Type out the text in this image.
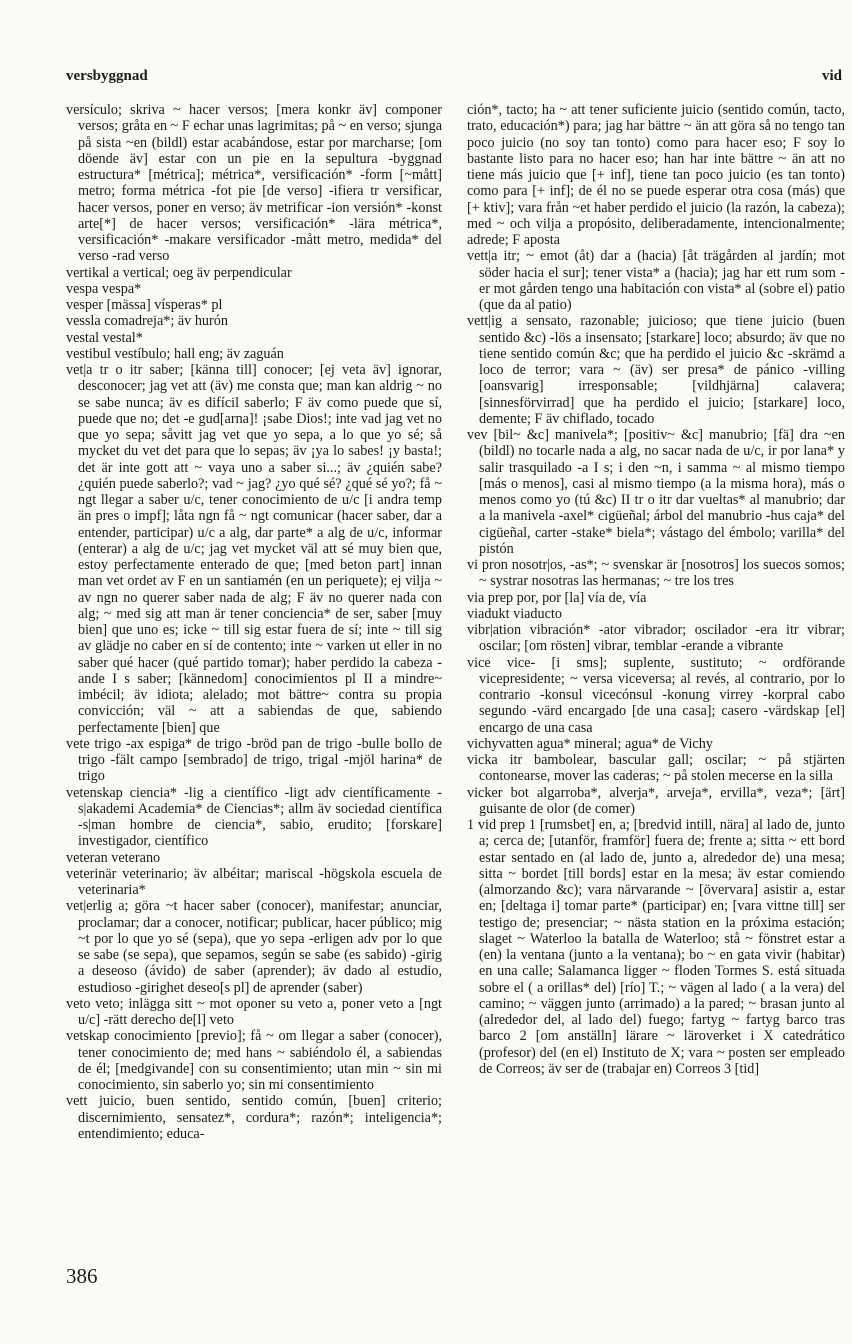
versbyggnad	vid

versículo; skriva ~ hacer versos; [mera konkr äv] componer versos; gråta en ~ F echar unas lagrimitas; på ~ en verso; sjunga på sista ~en (bildl) estar acabándose, estar por marcharse; [om döende äv] estar con un pie en la sepultura -byggnad estructura* [métrica]; métrica*, versificación* -form [~mått] metro; forma métrica -fot pie [de verso] -ifiera tr versificar, hacer versos, poner en verso; äv metrificar -ion versión* -konst arte[*] de hacer versos; versificación* -lära métrica*, versificación* -makare versificador -mått metro, medida* del verso -rad verso

vertikal a vertical; oeg äv perpendicular

vespa vespa*

vesper [mässa] vísperas* pl

vessla comadreja*; äv hurón

vestal vestal*

vestibul vestíbulo; hall eng; äv zaguán

vet|a tr o itr saber; [känna till] conocer; [ej veta äv] ignorar, desconocer; jag vet att (äv) me consta que; man kan aldrig ~ no se sabe nunca; äv es difícil saberlo; F äv como puede que sí, puede que no; det -e gud[arna]! ¡sabe Dios!; inte vad jag vet no que yo sepa; såvitt jag vet que yo sepa, a lo que yo sé; så mycket du vet det para que lo sepas; äv ¡ya lo sabes! ¡y basta!; det är inte gott att ~ vaya uno a saber si...; äv ¿quién sabe? ¿quién puede saberlo?; vad ~ jag? ¿yo qué sé? ¿qué sé yo?; få ~ ngt llegar a saber u/c, tener conocimiento de u/c [i andra temp än pres o impf]; låta ngn få ~ ngt comunicar (hacer saber, dar a entender, participar) u/c a alg, dar parte* a alg de u/c, informar (enterar) a alg de u/c; jag vet mycket väl att sé muy bien que, estoy perfectamente enterado de que; [med beton part] innan man vet ordet av F en un santiamén (en un periquete); ej vilja ~ av ngn no querer saber nada de alg; F äv no querer nada con alg; ~ med sig att man är tener conciencia* de ser, saber [muy bien] que uno es; icke ~ till sig estar fuera de sí; inte ~ till sig av glädje no caber en sí de contento; inte ~ varken ut eller in no saber qué hacer (qué partido tomar); haber perdido la cabeza -ande I s saber; [kännedom] conocimientos pl II a mindre~ imbécil; äv idiota; alelado; mot bättre~ contra su propia convicción; väl ~ att a sabiendas de que, sabiendo perfectamente [bien] que

vete trigo -ax espiga* de trigo -bröd pan de trigo -bulle bollo de trigo -fält campo [sembrado] de trigo, trigal -mjöl harina* de trigo

vetenskap ciencia* -lig a científico -ligt adv científicamente -s|akademi Academia* de Ciencias*; allm äv sociedad científica -s|man hombre de ciencia*, sabio, erudito; [forskare] investigador, científico

veteran veterano

veterinär veterinario; äv albéitar; mariscal -högskola escuela de veterinaria*

vet|erlig a; göra ~t hacer saber (conocer), manifestar; anunciar, proclamar; dar a conocer, notificar; publicar, hacer público; mig ~t por lo que yo sé (sepa), que yo sepa -erligen adv por lo que se sabe (se sepa), que sepamos, según se sabe (es sabido) -girig a deseoso (ávido) de saber (aprender); äv dado al estudio, estudioso -girighet deseo[s pl] de aprender (saber)

veto veto; inlägga sitt ~ mot oponer su veto a, poner veto a [ngt u/c] -rätt derecho de[l] veto

vetskap conocimiento [previo]; få ~ om llegar a saber (conocer), tener conocimiento de; med hans ~ sabiéndolo él, a sabiendas de él; [medgivande] con su consentimiento; utan min ~ sin mi conocimiento, sin saberlo yo; sin mi consentimiento

vett juicio, buen sentido, sentido común, [buen] criterio; discernimiento, sensatez*, cordura*; razón*; inteligencia*; entendimiento; educa-

ción*, tacto; ha ~ att tener suficiente juicio (sentido común, tacto, trato, educación*) para; jag har bättre ~ än att göra så no tengo tan poco juicio (no soy tan tonto) como para hacer eso; F soy lo bastante listo para no hacer eso; han har inte bättre ~ än att no tiene más juicio que [+ inf], tiene tan poco juicio (es tan tonto) como para [+ inf]; de él no se puede esperar otra cosa (más) que [+ ktiv]; vara från ~et haber perdido el juicio (la razón, la cabeza); med ~ och vilja a propósito, deliberadamente, intencionalmente; adrede; F aposta

vett|a itr; ~ emot (åt) dar a (hacia) [åt trägården al jardín; mot söder hacia el sur]; tener vista* a (hacia); jag har ett rum som -er mot gården tengo una habitación con vista* al (sobre el) patio (que da al patio)

vett|ig a sensato, razonable; juicioso; que tiene juicio (buen sentido &c) -lös a insensato; [starkare] loco; absurdo; äv que no tiene sentido común &c; que ha perdido el juicio &c -skrämd a loco de terror; vara ~ (äv) ser presa* de pánico -villing [oansvarig] irresponsable; [vildhjärna] calavera; [sinnesförvirrad] que ha perdido el juicio; [starkare] loco, demente; F äv chiflado, tocado

vev [bil~ &c] manivela*; [positiv~ &c] manubrio; [fä] dra ~en (bildl) no tocarle nada a alg, no sacar nada de u/c, ir por lana* y salir trasquilado -a I s; i den ~n, i samma ~ al mismo tiempo [más o menos], casi al mismo tiempo (a la misma hora), más o menos como yo (tú &c) II tr o itr dar vueltas* al manubrio; dar a la manivela -axel* cigüeñal; árbol del manubrio -hus caja* del cigüeñal, carter -stake* biela*; vástago del émbolo; varilla* del pistón

vi pron nosotr|os, -as*; ~ svenskar är [nosotros] los suecos somos; ~ systrar nosotras las hermanas; ~ tre los tres

via prep por, por [la] vía de, vía

viadukt viaducto

vibr|ation vibración* -ator vibrador; oscilador -era itr vibrar; oscilar; [om rösten] vibrar, temblar -erande a vibrante

vice vice- [i sms]; suplente, sustituto; ~ ordförande vicepresidente; ~ versa viceversa; al revés, al contrario, por lo contrario -konsul vicecónsul -konung virrey -korpral cabo segundo -värd encargado [de una casa]; casero -värdskap [el] encargo de una casa

vichyvatten agua* mineral; agua* de Vichy

vicka itr bambolear, bascular gall; oscilar; ~ på stjärten contonearse, mover las caderas; ~ på stolen mecerse en la silla

vicker bot algarroba*, alverja*, arveja*, ervilla*, veza*; [ärt] guisante de olor (de comer)

1 vid prep 1 [rumsbet] en, a; [bredvid intill, nära] al lado de, junto a; cerca de; [utanför, framför] fuera de; frente a; sitta ~ ett bord estar sentado en (al lado de, junto a, alrededor de) una mesa; sitta ~ bordet [till bords] estar en la mesa; äv estar comiendo (almorzando &c); vara närvarande ~ [övervara] asistir a, estar en; [deltaga i] tomar parte* (participar) en; [vara vittne till] ser testigo de; presenciar; ~ nästa station en la próxima estación; slaget ~ Waterloo la batalla de Waterloo; stå ~ fönstret estar a (en) la ventana (junto a la ventana); bo ~ en gata vivir (habitar) en una calle; Salamanca ligger ~ floden Tormes S. está situada sobre el ( a orillas* del) [río] T.; ~ vägen al lado ( a la vera) del camino; ~ väggen junto (arrimado) a la pared; ~ brasan junto al (alrededor del, al lado del) fuego; fartyg ~ fartyg barco tras barco 2 [om anställn] lärare ~ läroverket i X catedrático (profesor) del (en el) Instituto de X; vara ~ posten ser empleado de Correos; äv ser de (trabajar en) Correos 3 [tid]

386
